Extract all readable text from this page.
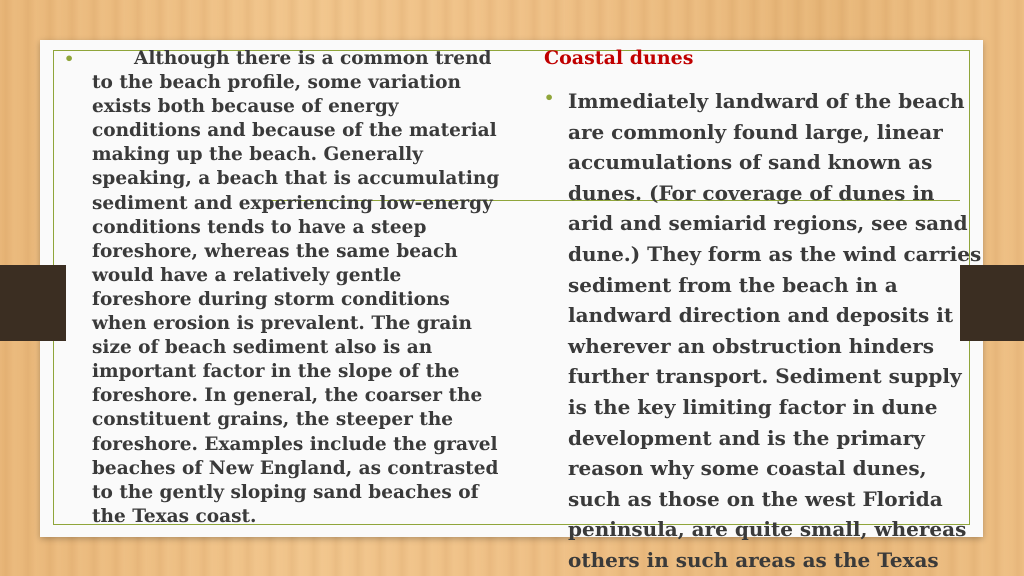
•	Although there is a common trend to the beach profile, some variation exists both because of energy conditions and because of the material making up the beach. Generally speaking, a beach that is accumulating sediment and experiencing low-energy conditions tends to have a steep foreshore, whereas the same beach would have a relatively gentle foreshore during storm conditions when erosion is prevalent. The grain size of beach sediment also is an important factor in the slope of the foreshore. In general, the coarser the constituent grains, the steeper the foreshore. Examples include the gravel beaches of New England, as contrasted to the gently sloping sand beaches of the Texas coast.
Coastal dunes
• Immediately landward of the beach are commonly found large, linear accumulations of sand known as dunes. (For coverage of dunes in arid and semiarid regions, see sand dune.) They form as the wind carries sediment from the beach in a landward direction and deposits it wherever an obstruction hinders further transport. Sediment supply is the key limiting factor in dune development and is the primary reason why some coastal dunes, such as those on the west Florida peninsula, are quite small, whereas others in such areas as the Texas
